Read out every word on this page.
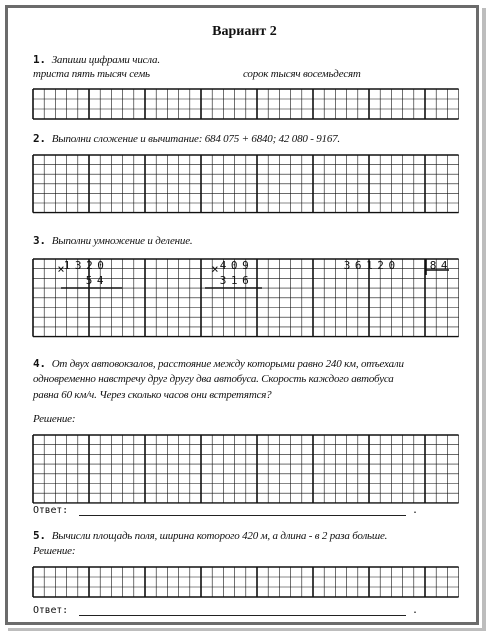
Вариант 2
1. Запиши цифрами числа.
триста пять тысяч семь	сорок тысяч восемьдесят
2. Выполни сложение и вычитание: 684 075 + 6840; 42 080 - 9167.
3. Выполни умножение и деление.
4. От двух автовокзалов, расстояние между которыми равно 240 км, отъехали
одновременно навстречу друг другу два автобуса. Скорость каждого автобуса
равна 60 км/ч. Через сколько часов они встретятся?
Решение:
Ответ:	.
5. Вычисли площадь поля, ширина которого 420 м, а длина - в 2 раза больше.
Решение:
Ответ:	.
1 3 2 0
5 4
4 0 9
3 1 6
3 6 1 2 0	8 4
×	×
